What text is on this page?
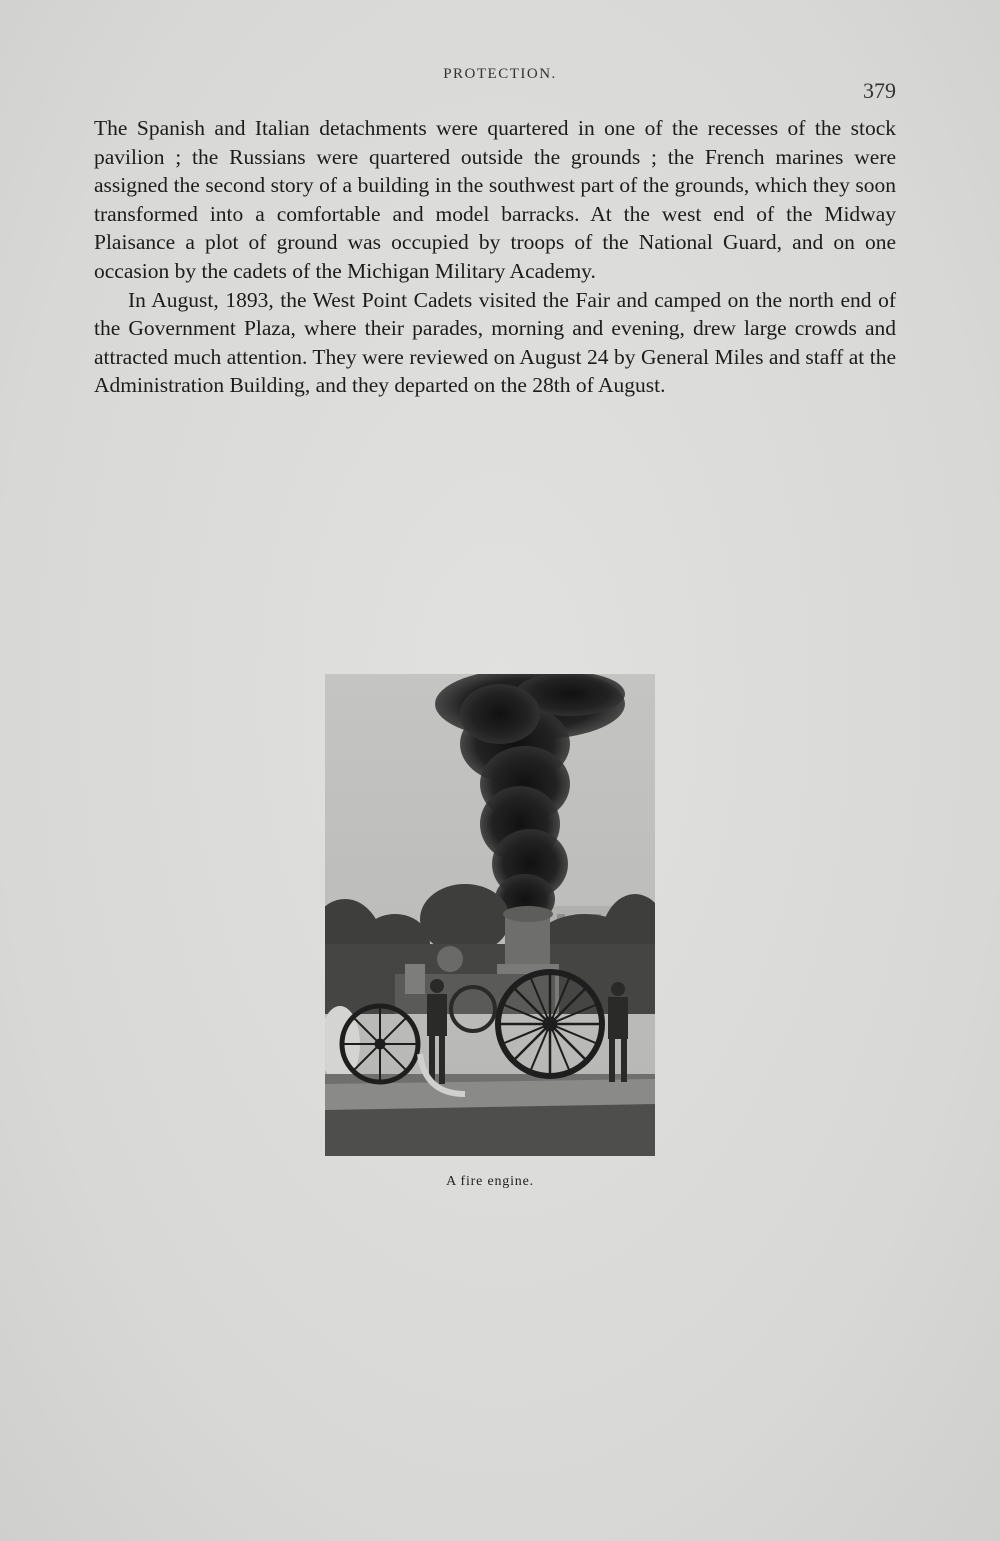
PROTECTION.
379

The Spanish and Italian detachments were quartered in one of the recesses of the stock pavilion ; the Russians were quartered outside the grounds ; the French marines were assigned the second story of a building in the southwest part of the grounds, which they soon transformed into a comfortable and model barracks. At the west end of the Midway Plaisance a plot of ground was occupied by troops of the National Guard, and on one occasion by the cadets of the Michigan Military Academy.

In August, 1893, the West Point Cadets visited the Fair and camped on the north end of the Government Plaza, where their parades, morning and evening, drew large crowds and attracted much attention. They were reviewed on August 24 by General Miles and staff at the Administration Building, and they departed on the 28th of August.

A fire engine.
